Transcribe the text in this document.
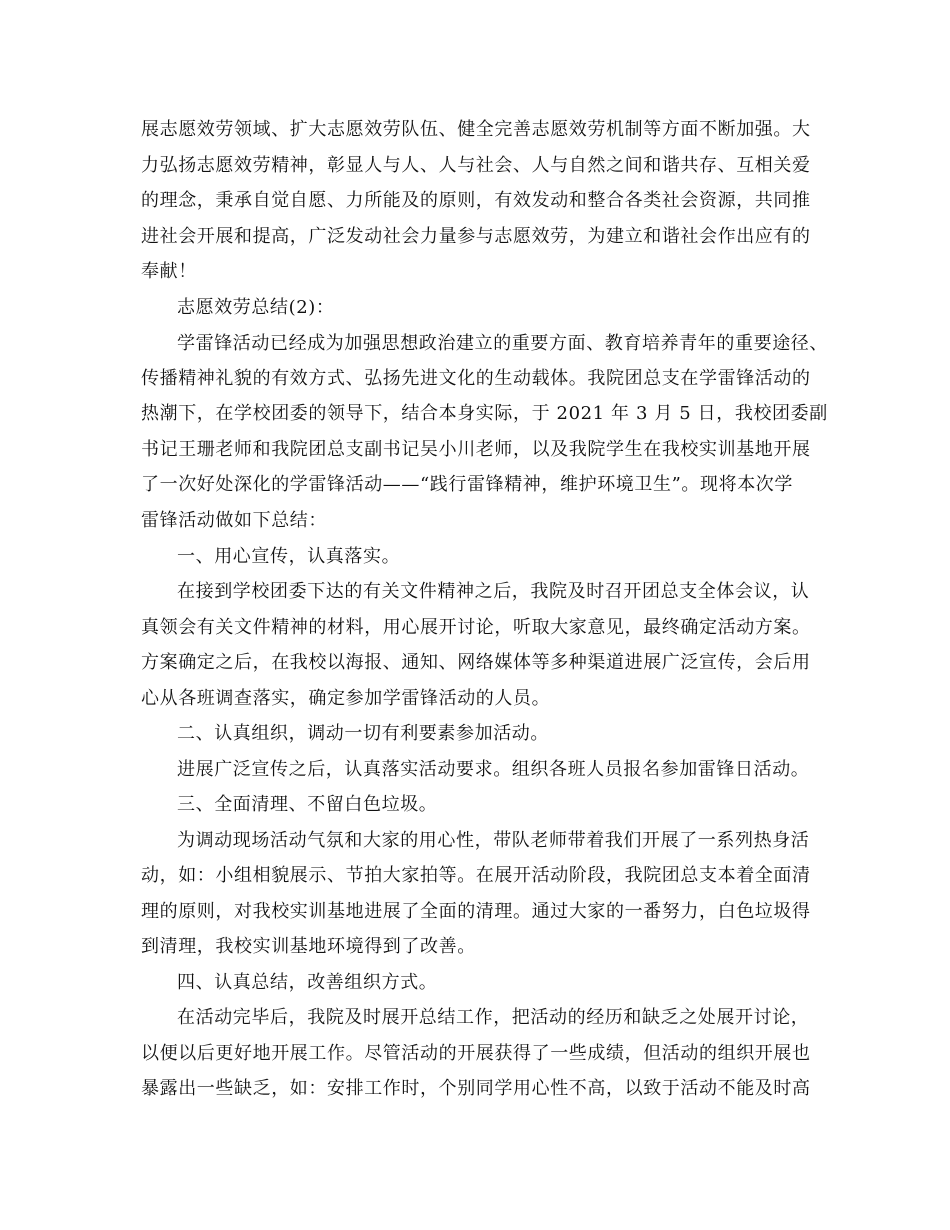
展志愿效劳领域、扩大志愿效劳队伍、健全完善志愿效劳机制等方面不断加强。大
力弘扬志愿效劳精神，彰显人与人、人与社会、人与自然之间和谐共存、互相关爱
的理念，秉承自觉自愿、力所能及的原则，有效发动和整合各类社会资源，共同推
进社会开展和提高，广泛发动社会力量参与志愿效劳，为建立和谐社会作出应有的
奉献！
志愿效劳总结(2)：
学雷锋活动已经成为加强思想政治建立的重要方面、教育培养青年的重要途径、
传播精神礼貌的有效方式、弘扬先进文化的生动载体。我院团总支在学雷锋活动的
热潮下，在学校团委的领导下，结合本身实际，于 2021 年 3 月 5 日，我校团委副
书记王珊老师和我院团总支副书记吴小川老师，以及我院学生在我校实训基地开展
了一次好处深化的学雷锋活动——“践行雷锋精神，维护环境卫生”。现将本次学
雷锋活动做如下总结：
一、用心宣传，认真落实。
在接到学校团委下达的有关文件精神之后，我院及时召开团总支全体会议，认
真领会有关文件精神的材料，用心展开讨论，听取大家意见，最终确定活动方案。
方案确定之后，在我校以海报、通知、网络媒体等多种渠道进展广泛宣传，会后用
心从各班调查落实，确定参加学雷锋活动的人员。
二、认真组织，调动一切有利要素参加活动。
进展广泛宣传之后，认真落实活动要求。组织各班人员报名参加雷锋日活动。
三、全面清理、不留白色垃圾。
为调动现场活动气氛和大家的用心性，带队老师带着我们开展了一系列热身活
动，如：小组相貌展示、节拍大家拍等。在展开活动阶段，我院团总支本着全面清
理的原则，对我校实训基地进展了全面的清理。通过大家的一番努力，白色垃圾得
到清理，我校实训基地环境得到了改善。
四、认真总结，改善组织方式。
在活动完毕后，我院及时展开总结工作，把活动的经历和缺乏之处展开讨论，
以便以后更好地开展工作。尽管活动的开展获得了一些成绩，但活动的组织开展也
暴露出一些缺乏，如：安排工作时，个别同学用心性不高，以致于活动不能及时高
